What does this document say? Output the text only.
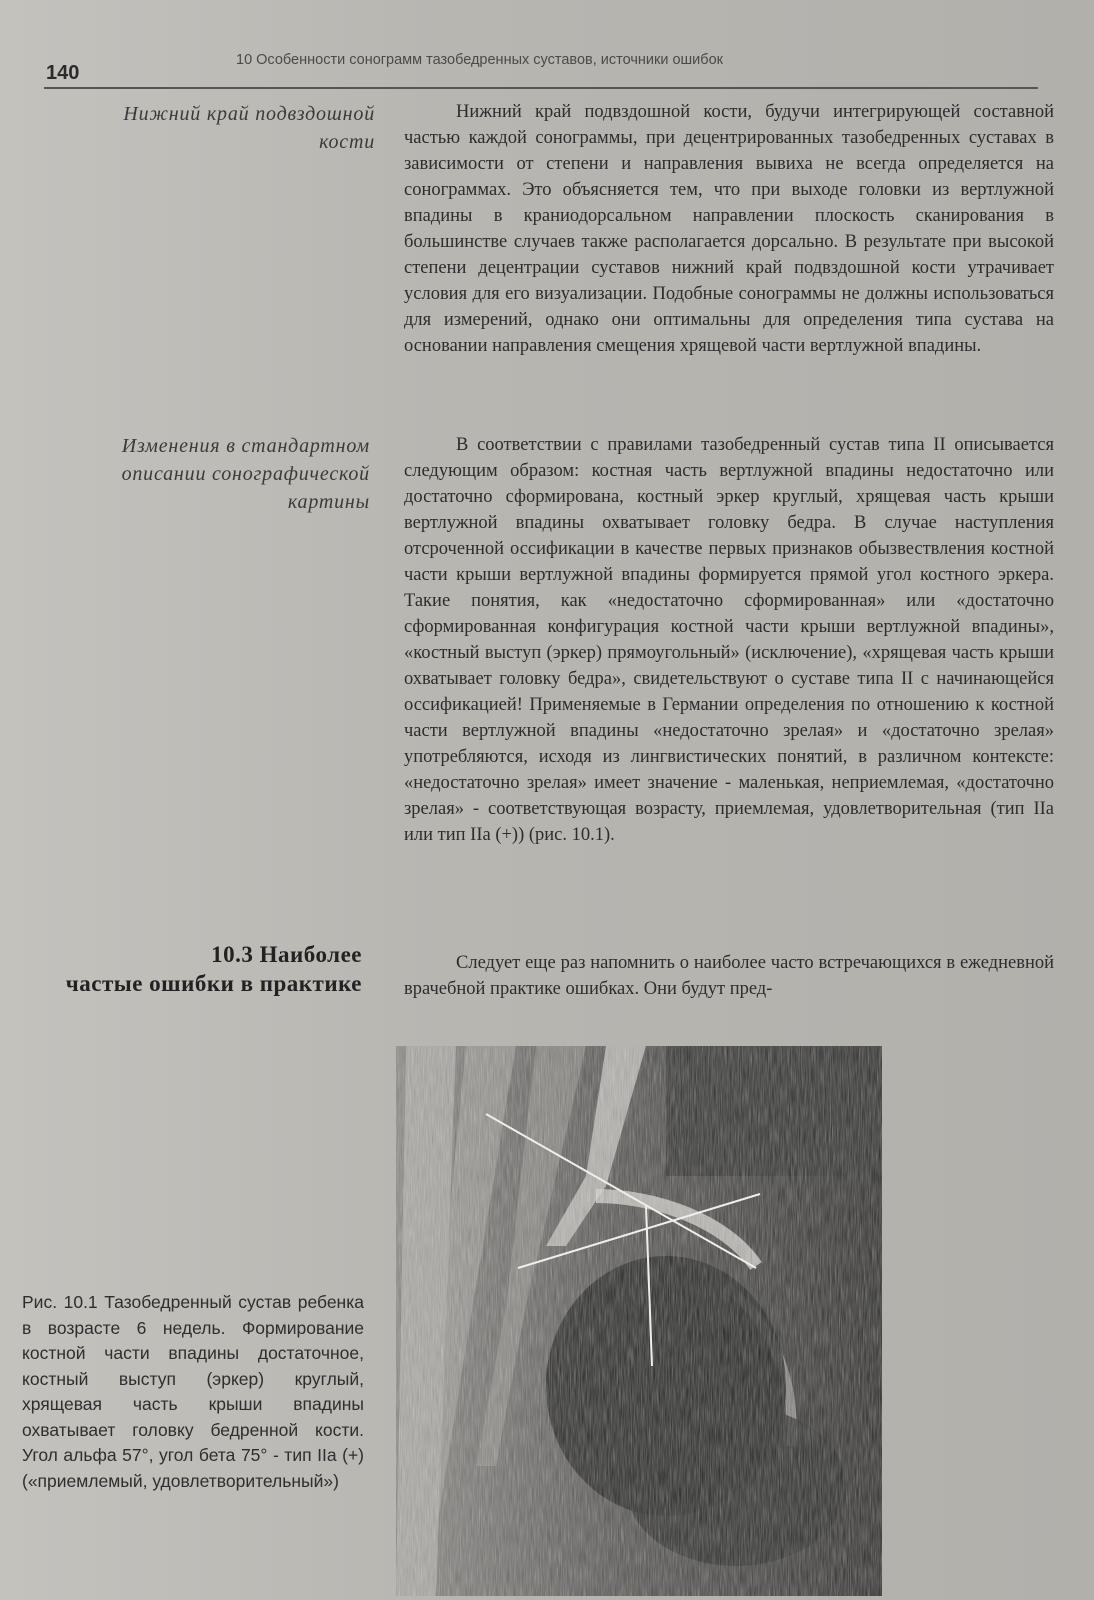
140
10 Особенности сонограмм тазобедренных суставов, источники ошибок
Нижний край подвздошной кости
Нижний край подвздошной кости, будучи интегрирующей составной частью каждой сонограммы, при децентрированных тазобедренных суставах в зависимости от степени и направления вывиха не всегда определяется на сонограммах. Это объясняется тем, что при выходе головки из вертлужной впадины в краниодорсальном направлении плоскость сканирования в большинстве случаев также располагается дорсально. В результате при высокой степени децентрации суставов нижний край подвздошной кости утрачивает условия для его визуализации. Подобные сонограммы не должны использоваться для измерений, однако они оптимальны для определения типа сустава на основании направления смещения хрящевой части вертлужной впадины.
Изменения в стандартном описании сонографической картины
В соответствии с правилами тазобедренный сустав типа II описывается следующим образом: костная часть вертлужной впадины недостаточно или достаточно сформирована, костный эркер круглый, хрящевая часть крыши вертлужной впадины охватывает головку бедра. В случае наступления отсроченной оссификации в качестве первых признаков обызвествления костной части крыши вертлужной впадины формируется прямой угол костного эркера. Такие понятия, как «недостаточно сформированная» или «достаточно сформированная конфигурация костной части крыши вертлужной впадины», «костный выступ (эркер) прямоугольный» (исключение), «хрящевая часть крыши охватывает головку бедра», свидетельствуют о суставе типа II с начинающейся оссификацией! Применяемые в Германии определения по отношению к костной части вертлужной впадины «недостаточно зрелая» и «достаточно зрелая» употребляются, исходя из лингвистических понятий, в различном контексте: «недостаточно зрелая» имеет значение - маленькая, неприемлемая, «достаточно зрелая» - соответствующая возрасту, приемлемая, удовлетворительная (тип IIa или тип IIa (+)) (рис. 10.1).
10.3 Наиболее
частые ошибки в практике
Следует еще раз напомнить о наиболее часто встречающихся в ежедневной врачебной практике ошибках. Они будут пред-
Рис. 10.1 Тазобедренный сустав ребенка в возрасте 6 недель. Формирование костной части впадины достаточное, костный выступ (эркер) круглый, хрящевая часть крыши впадины охватывает головку бедренной кости. Угол альфа 57°, угол бета 75° - тип IIa (+) («приемлемый, удовлетворительный»)
